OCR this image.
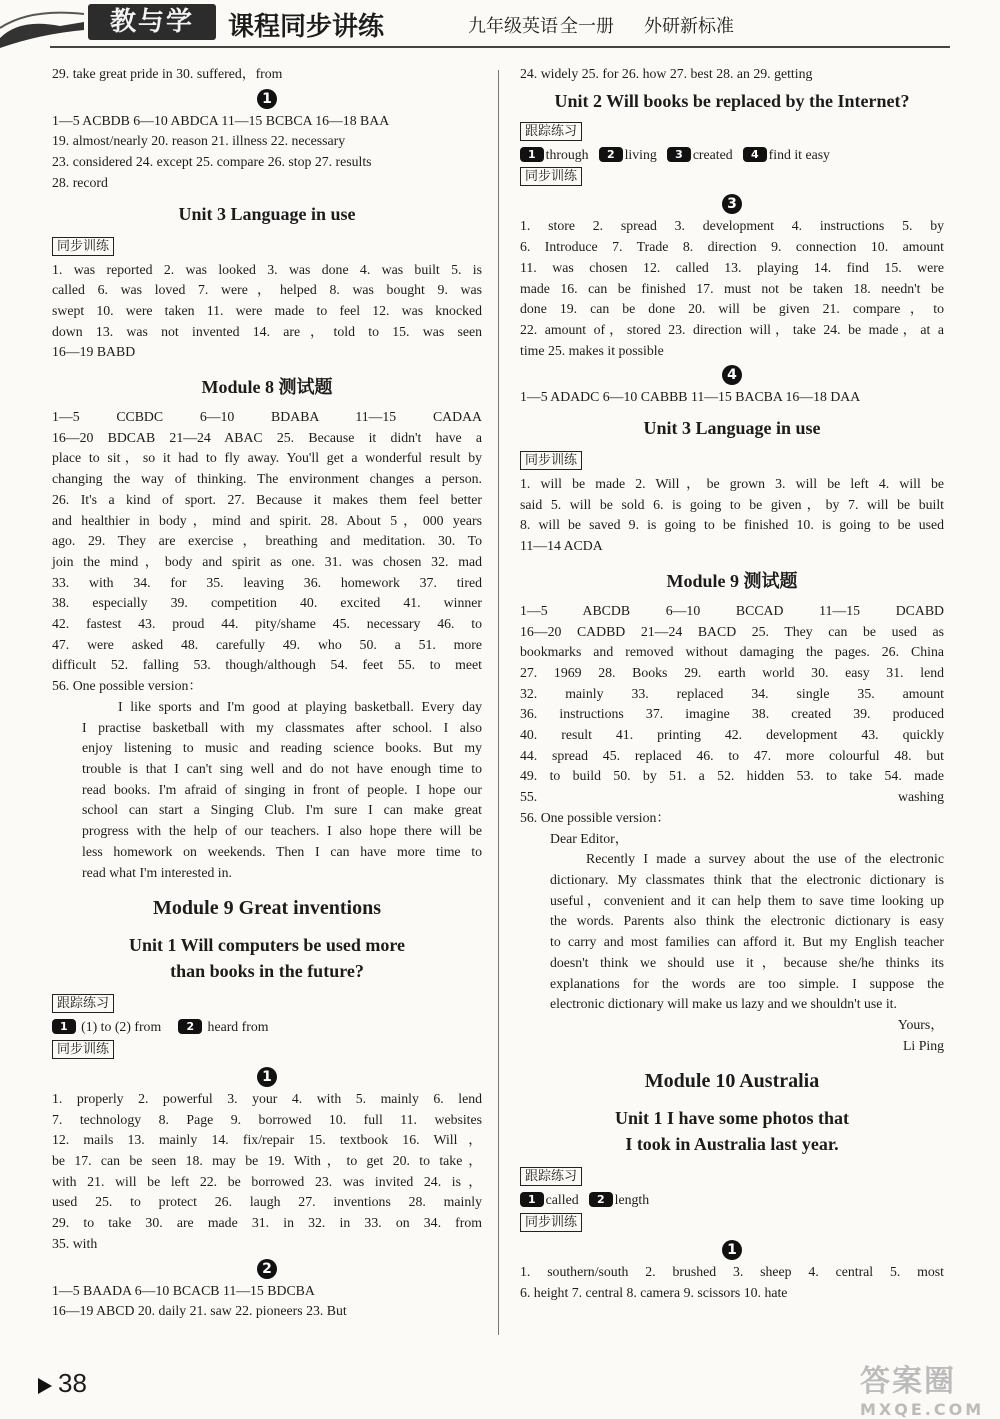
教与学	课程同步讲练	九年级英语 全一册 外研新标准
29. take great pride in 30. suffered，from
1
1—5 ACBDB 6—10 ABDCA 11—15 BCBCA 16—18 BAA
19. almost/nearly 20. reason 21. illness 22. necessary
23. considered 24. except 25. compare 26. stop 27. results
28. record
Unit 3 Language in use
同步训练
1. was reported 2. was looked 3. was done 4. was built 5. is
called 6. was loved 7. were，helped 8. was bought 9. was
swept 10. were taken 11. were made to feel 12. was knocked
down 13. was not invented 14. are，told to 15. was seen
16—19 BABD
Module 8 测试题
1—5 CCBDC 6—10 BDABA 11—15 CADAA
16—20 BDCAB 21—24 ABAC 25. Because it didn't have a
place to sit，so it had to fly away. You'll get a wonderful result by
changing the way of thinking. The environment changes a person.
26. It's a kind of sport. 27. Because it makes them feel better
and healthier in body，mind and spirit. 28. About 5，000 years
ago. 29. They are exercise，breathing and meditation. 30. To
join the mind，body and spirit as one. 31. was chosen 32. mad
33. with 34. for 35. leaving 36. homework 37. tired
38. especially 39. competition 40. excited 41. winner
42. fastest 43. proud 44. pity/shame 45. necessary 46. to
47. were asked 48. carefully 49. who 50. a 51. more
difficult 52. falling 53. though/although 54. feet 55. to meet
56. One possible version：
I like sports and I'm good at playing basketball. Every day
I practise basketball with my classmates after school. I also
enjoy listening to music and reading science books. But my
trouble is that I can't sing well and do not have enough time to
read books. I'm afraid of singing in front of people. I hope our
school can start a Singing Club. I'm sure I can make great
progress with the help of our teachers. I also hope there will be
less homework on weekends. Then I can have more time to
read what I'm interested in.
Module 9 Great inventions
Unit 1 Will computers be used more
than books in the future?
跟踪练习
1 (1) to (2) from 2 heard from
同步训练
1
1. properly 2. powerful 3. your 4. with 5. mainly 6. lend
7. technology 8. Page 9. borrowed 10. full 11. websites
12. mails 13. mainly 14. fix/repair 15. textbook 16. Will，
be 17. can be seen 18. may be 19. With，to get 20. to take，
with 21. will be left 22. be borrowed 23. was invited 24. is，
used 25. to protect 26. laugh 27. inventions 28. mainly
29. to take 30. are made 31. in 32. in 33. on 34. from
35. with
2
1—5 BAADA 6—10 BCACB 11—15 BDCBA
16—19 ABCD 20. daily 21. saw 22. pioneers 23. But
24. widely 25. for 26. how 27. best 28. an 29. getting
Unit 2 Will books be replaced by the Internet?
跟踪练习
1 through 2 living 3 created 4 find it easy
同步训练
3
1. store 2. spread 3. development 4. instructions 5. by
6. Introduce 7. Trade 8. direction 9. connection 10. amount
11. was chosen 12. called 13. playing 14. find 15. were
made 16. can be finished 17. must not be taken 18. needn't be
done 19. can be done 20. will be given 21. compare，to
22. amount of，stored 23. direction will，take 24. be made，at a
time 25. makes it possible
4
1—5 ADADC 6—10 CABBB 11—15 BACBA 16—18 DAA
Unit 3 Language in use
同步训练
1. will be made 2. Will，be grown 3. will be left 4. will be
said 5. will be sold 6. is going to be given，by 7. will be built
8. will be saved 9. is going to be finished 10. is going to be used
11—14 ACDA
Module 9 测试题
1—5 ABCDB 6—10 BCCAD 11—15 DCABD
16—20 CADBD 21—24 BACD 25. They can be used as
bookmarks and removed without damaging the pages. 26. China
27. 1969 28. Books 29. earth world 30. easy 31. lend
32. mainly 33. replaced 34. single 35. amount
36. instructions 37. imagine 38. created 39. produced
40. result 41. printing 42. development 43. quickly
44. spread 45. replaced 46. to 47. more colourful 48. but
49. to build 50. by 51. a 52. hidden 53. to take 54. made
55. washing
56. One possible version：
Dear Editor，
Recently I made a survey about the use of the electronic
dictionary. My classmates think that the electronic dictionary is
useful，convenient and it can help them to save time looking up
the words. Parents also think the electronic dictionary is easy
to carry and most families can afford it. But my English teacher
doesn't think we should use it，because she/he thinks its
explanations for the words are too simple. I suppose the
electronic dictionary will make us lazy and we shouldn't use it.
Yours，
Li Ping
Module 10 Australia
Unit 1 I have some photos that
I took in Australia last year.
跟踪练习
1 called 2 length
同步训练
1
1. southern/south 2. brushed 3. sheep 4. central 5. most
6. height 7. central 8. camera 9. scissors 10. hate
38	答案圈
MXQE.COM
